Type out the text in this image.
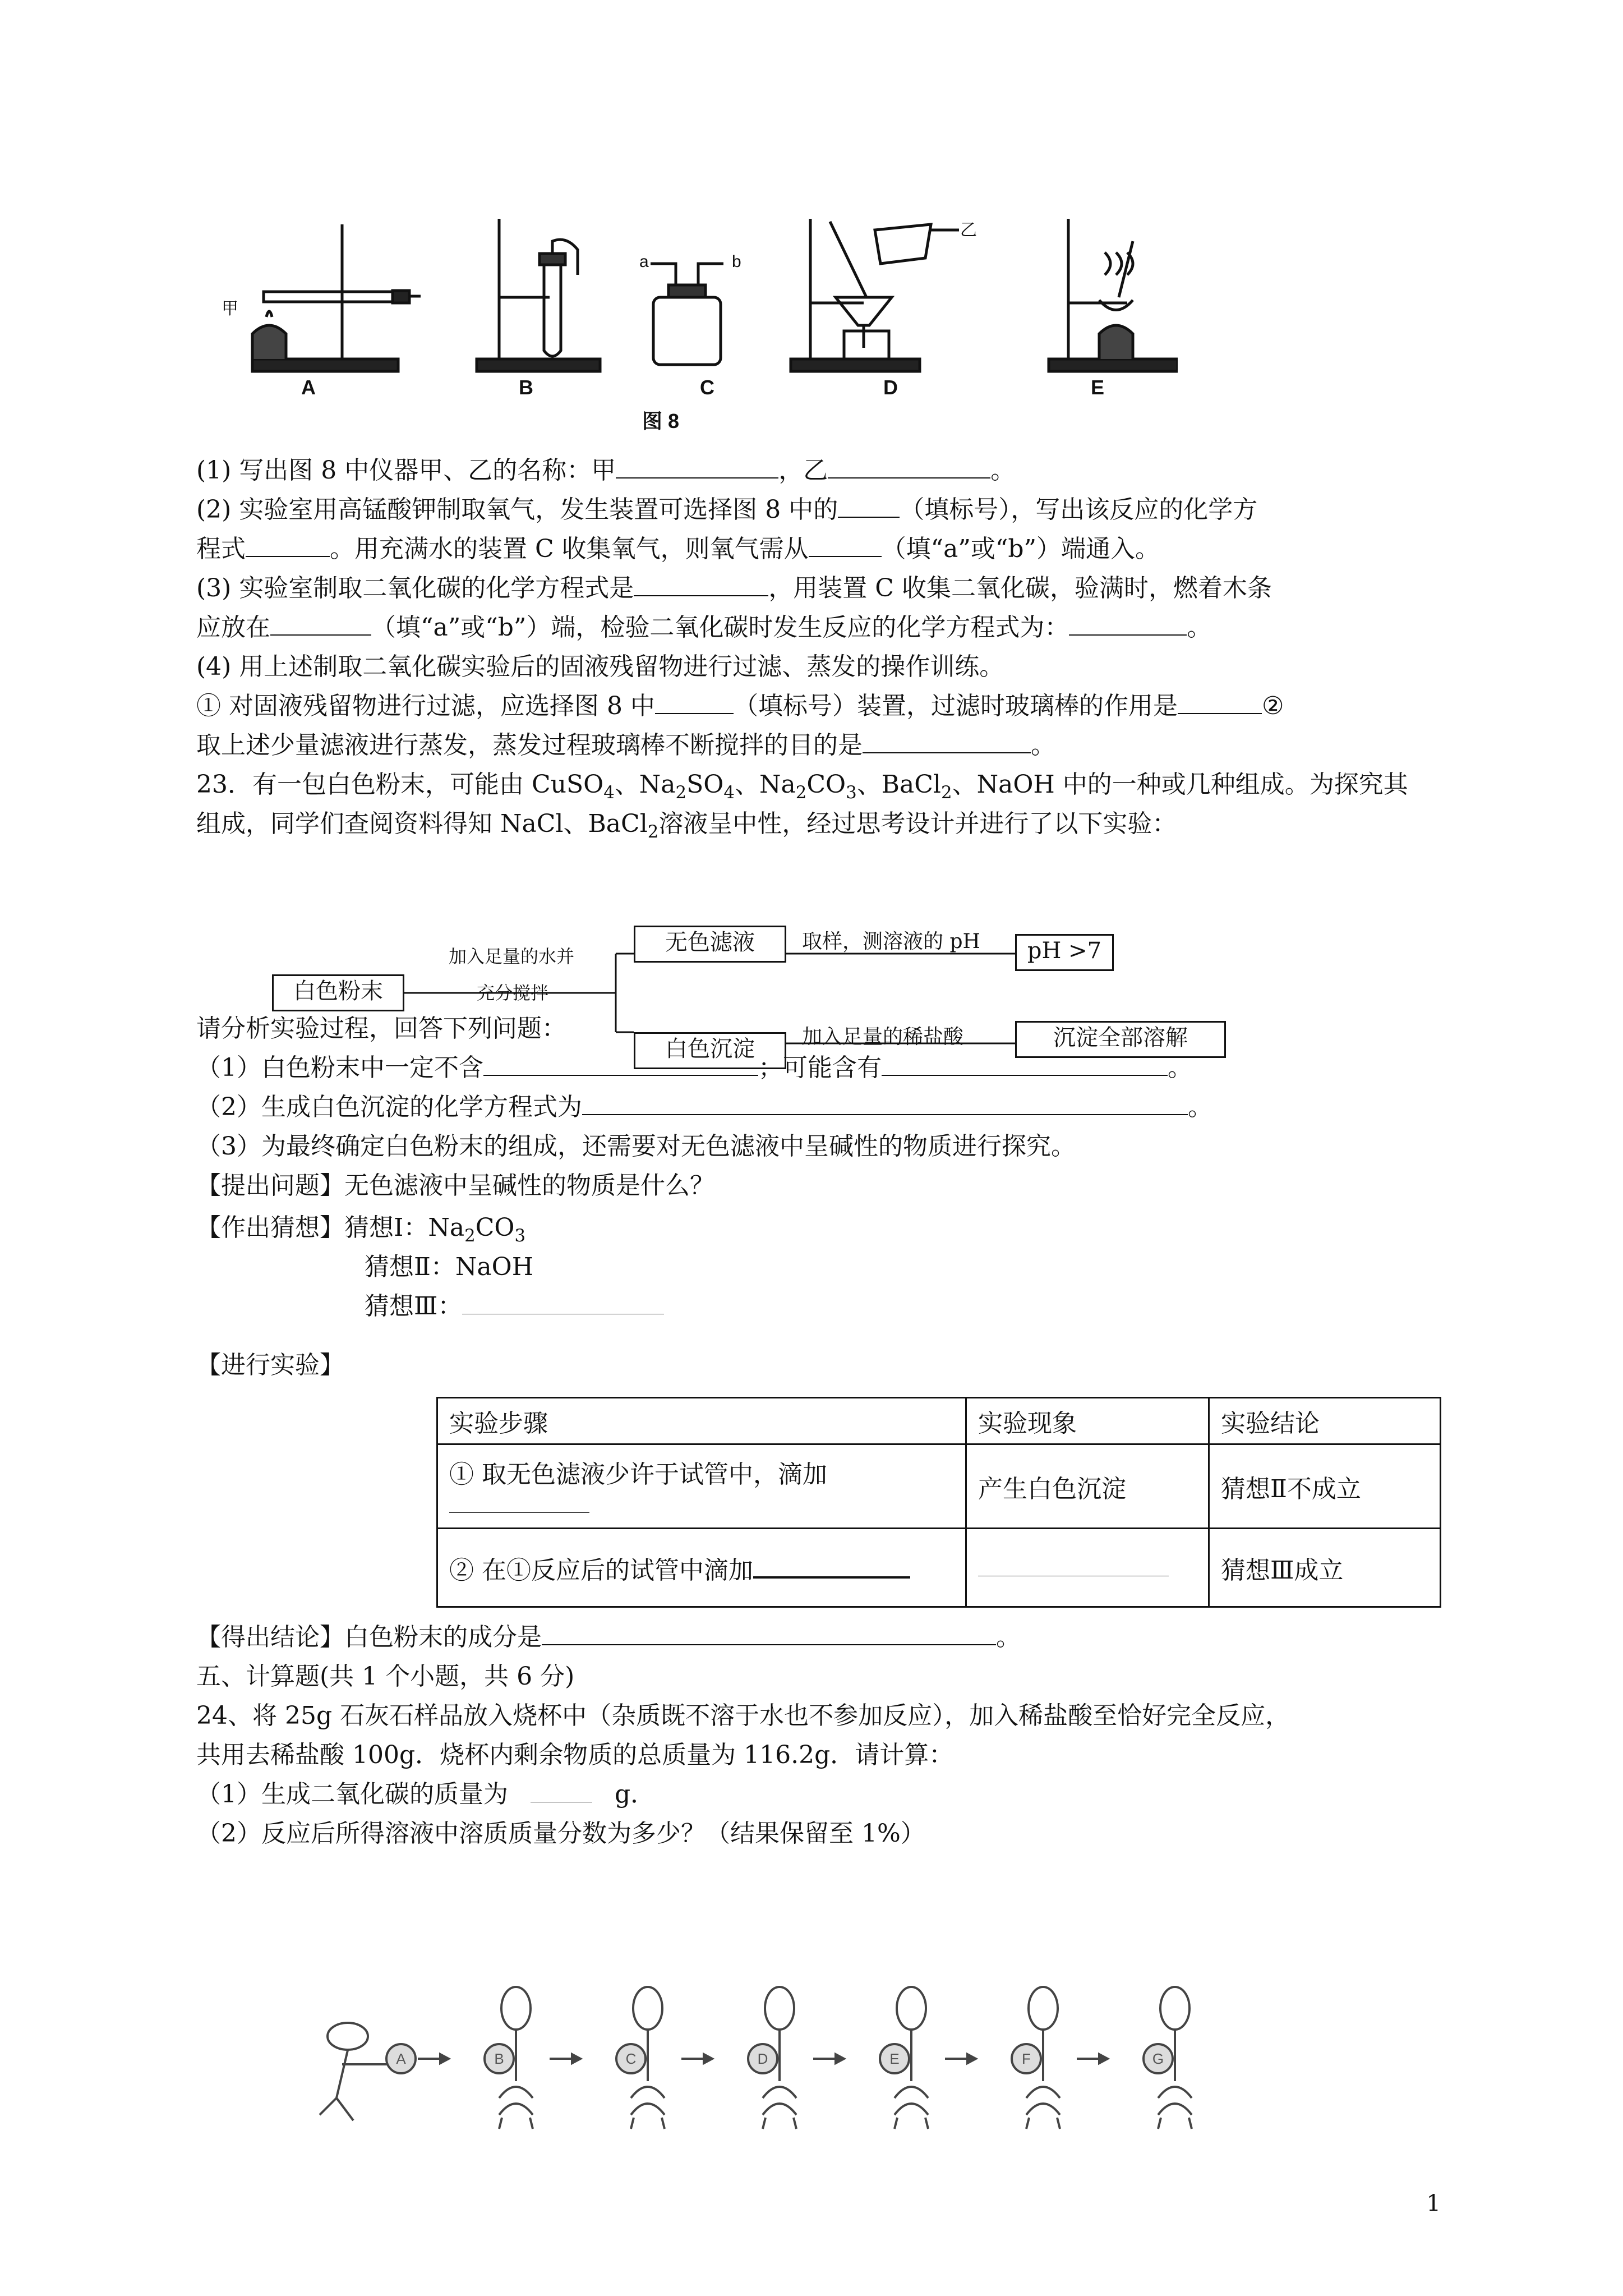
甲
乙
a	b
A	B	C	D	E
图 8
(1) 写出图 8 中仪器甲、乙的名称：甲	，乙	。
(2) 实验室用高锰酸钾制取氧气，发生装置可选择图 8 中的	（填标号），写出该反应的化学方
程式	。用充满水的装置 C 收集氧气，则氧气需从	（填“a”或“b”）端通入。
(3) 实验室制取二氧化碳的化学方程式是	，用装置 C 收集二氧化碳，验满时，燃着木条
应放在	（填“a”或“b”）端，检验二氧化碳时发生反应的化学方程式为：	。
(4) 用上述制取二氧化碳实验后的固液残留物进行过滤、蒸发的操作训练。
① 对固液残留物进行过滤，应选择图 8 中	（填标号）装置，过滤时玻璃棒的作用是	②
取上述少量滤液进行蒸发，蒸发过程玻璃棒不断搅拌的目的是	。
23．有一包白色粉末，可能由 CuSO$_4$、$Na_2SO_4$、$Na_2CO_3$、BaCl$_2$、NaOH 中的一种或几种组成。为探究其
组成，同学们查阅资料得知 NaCl、BaCl$_2$溶液呈中性，经过思考设计并进行了以下实验：
白色粉末
加入足量的水并
充分搅拌
无色滤液	取样，测溶液的 pH	pH >7
白色沉淀	加入足量的稀盐酸	沉淀全部溶解
请分析实验过程，回答下列问题：
（1）白色粉末中一定不含	；可能含有	。
（2）生成白色沉淀的化学方程式为	。
（3）为最终确定白色粉末的组成，还需要对无色滤液中呈碱性的物质进行探究。
【提出问题】无色滤液中呈碱性的物质是什么？
【作出猜想】猜想Ⅰ：$Na_2CO_3$
猜想Ⅱ：NaOH
猜想Ⅲ：
【进行实验】
实验步骤	实验现象	实验结论
① 取无色滤液少许于试管中，滴加	产生白色沉淀	猜想Ⅱ不成立
② 在①反应后的试管中滴加		猜想Ⅲ成立
【得出结论】白色粉末的成分是	。
五、计算题(共 1 个小题，共 6 分)
24、将 25g 石灰石样品放入烧杯中（杂质既不溶于水也不参加反应），加入稀盐酸至恰好完全反应，
共用去稀盐酸 100g．烧杯内剩余物质的总质量为 116.2g．请计算：
（1）生成二氧化碳的质量为	g．
（2）反应后所得溶液中溶质质量分数为多少？（结果保留至 1%）
A	B	C	D	E	F	G
1
